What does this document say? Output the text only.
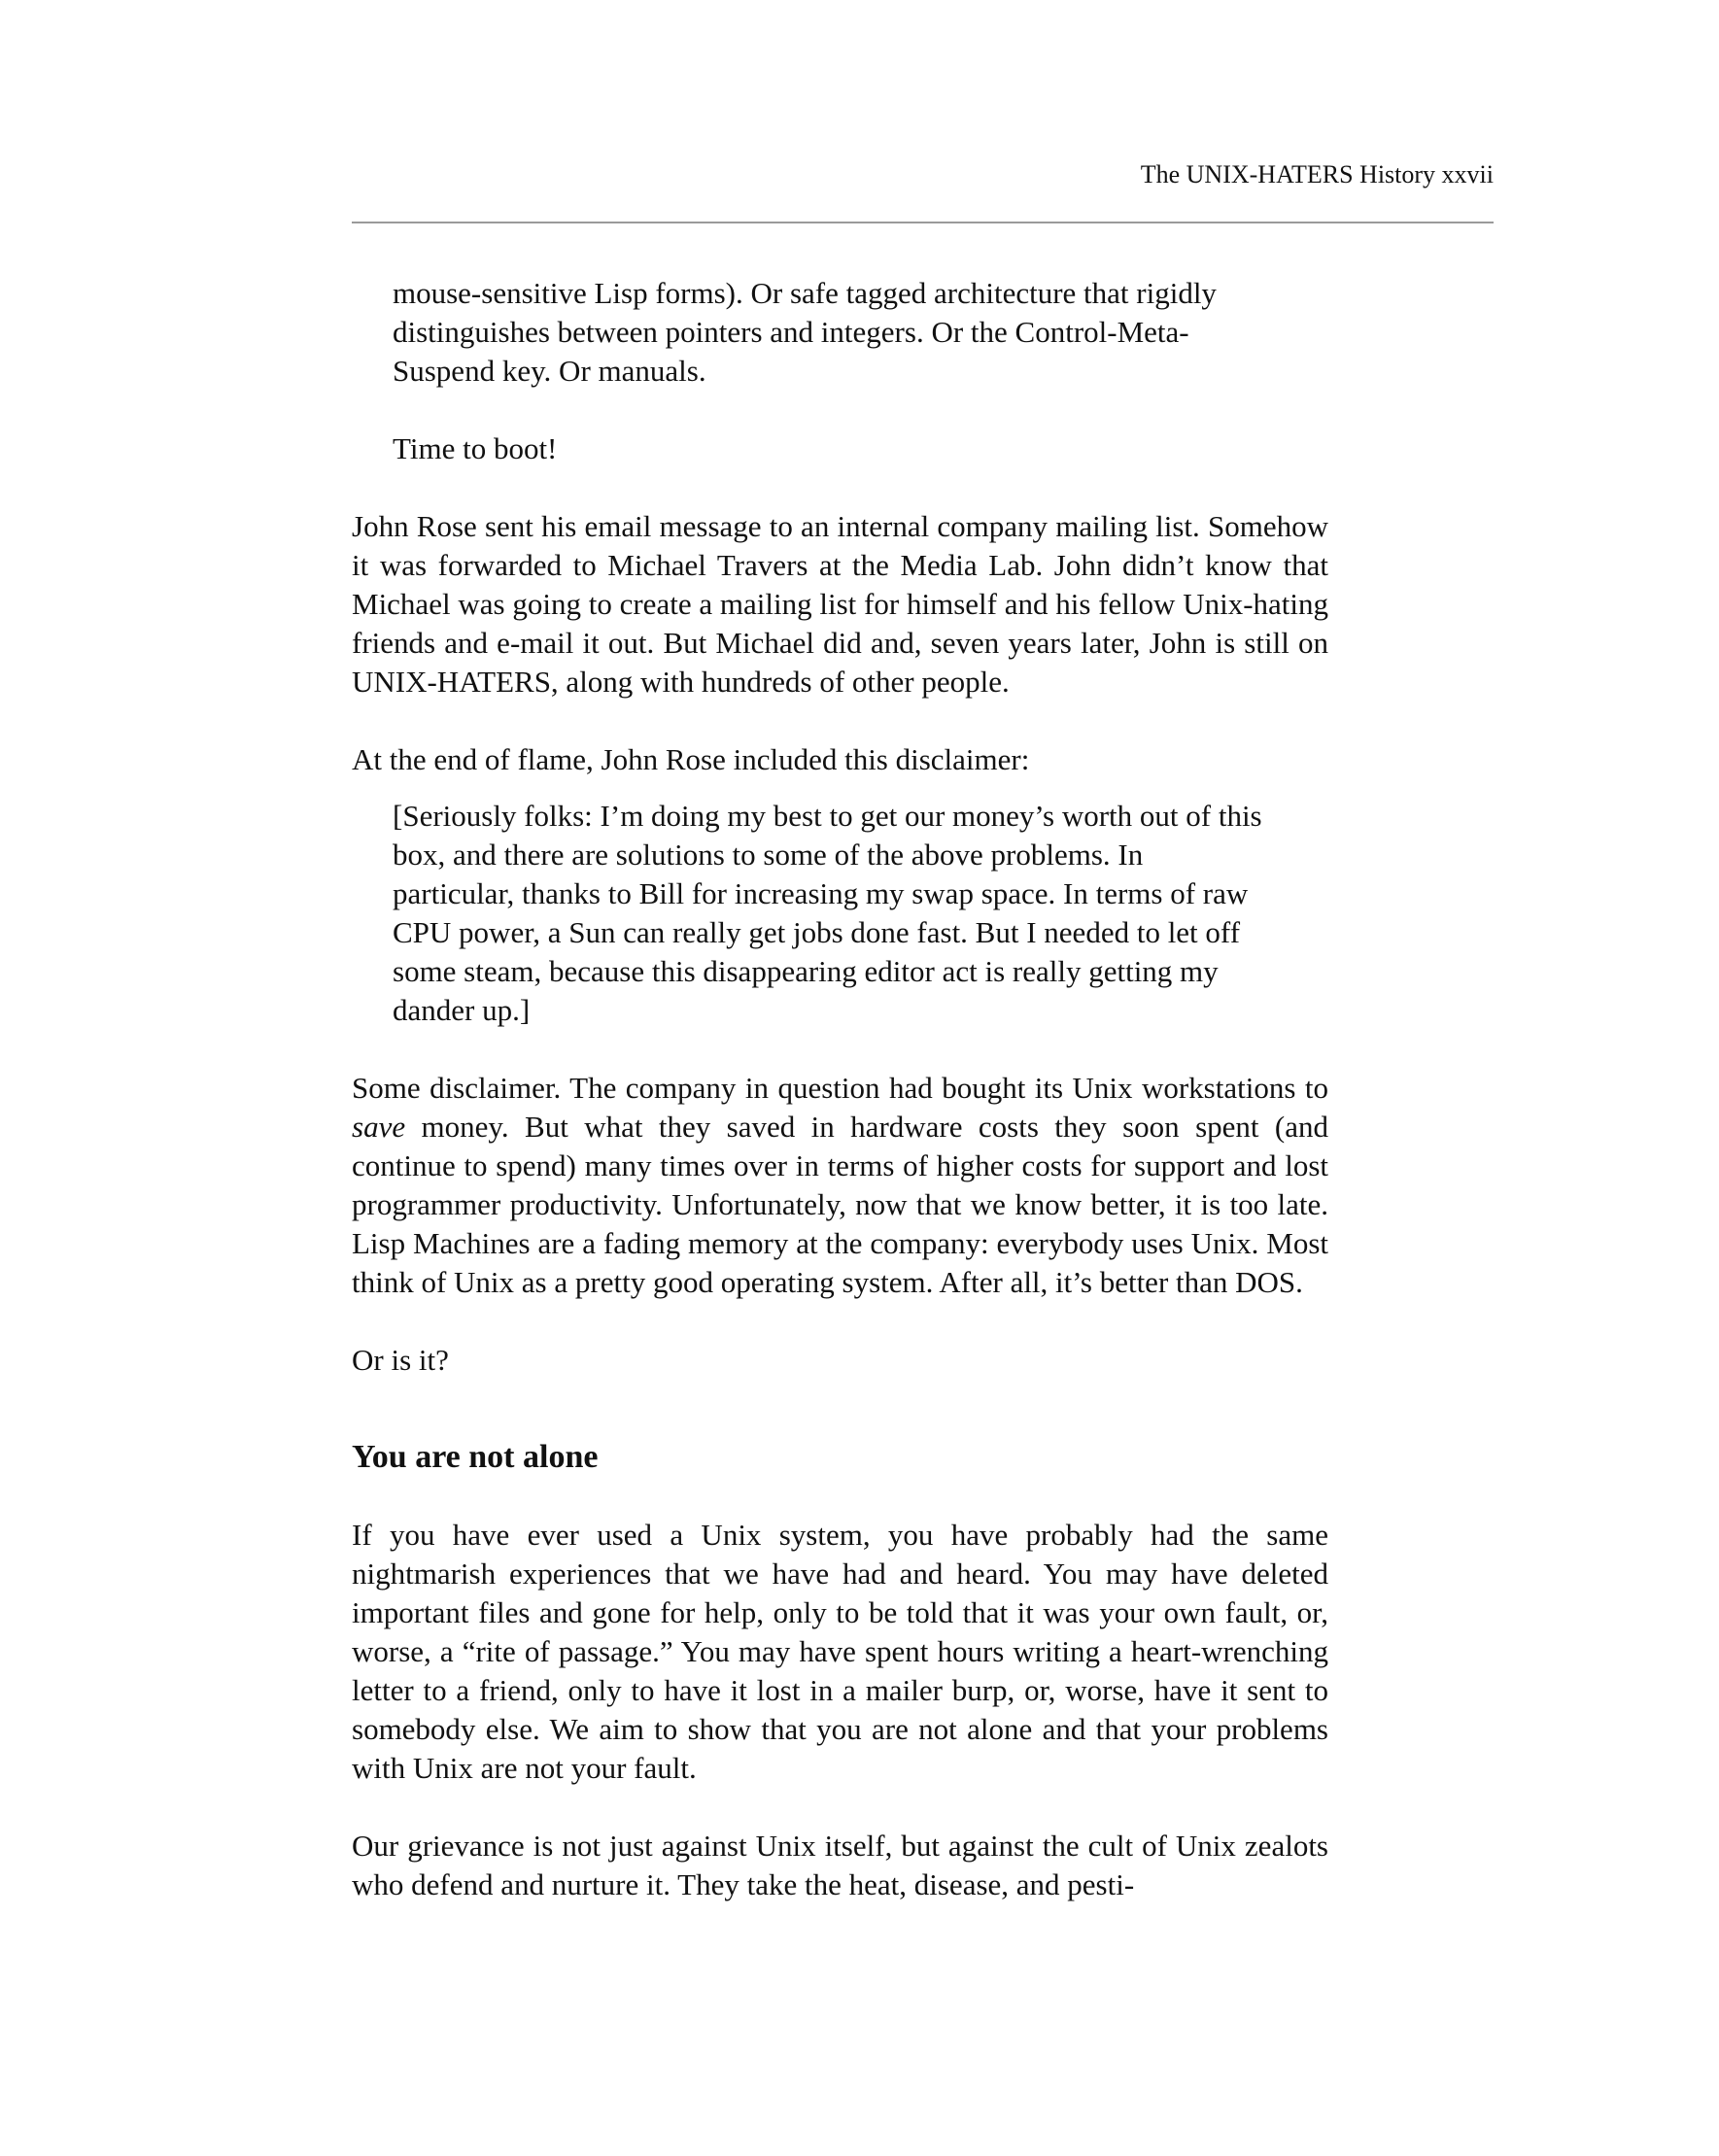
The UNIX-HATERS History xxvii

mouse-sensitive Lisp forms). Or safe tagged architecture that rigidly distinguishes between pointers and integers. Or the Control-Meta-Suspend key. Or manuals.

Time to boot!

John Rose sent his email message to an internal company mailing list. Somehow it was forwarded to Michael Travers at the Media Lab. John didn’t know that Michael was going to create a mailing list for himself and his fellow Unix-hating friends and e-mail it out. But Michael did and, seven years later, John is still on UNIX-HATERS, along with hundreds of other people.

At the end of flame, John Rose included this disclaimer:

[Seriously folks: I’m doing my best to get our money’s worth out of this box, and there are solutions to some of the above problems. In particular, thanks to Bill for increasing my swap space. In terms of raw CPU power, a Sun can really get jobs done fast. But I needed to let off some steam, because this disappearing editor act is really getting my dander up.]

Some disclaimer. The company in question had bought its Unix workstations to save money. But what they saved in hardware costs they soon spent (and continue to spend) many times over in terms of higher costs for support and lost programmer productivity. Unfortunately, now that we know better, it is too late. Lisp Machines are a fading memory at the company: everybody uses Unix. Most think of Unix as a pretty good operating system. After all, it’s better than DOS.

Or is it?

You are not alone

If you have ever used a Unix system, you have probably had the same nightmarish experiences that we have had and heard. You may have deleted important files and gone for help, only to be told that it was your own fault, or, worse, a “rite of passage.” You may have spent hours writing a heart-wrenching letter to a friend, only to have it lost in a mailer burp, or, worse, have it sent to somebody else. We aim to show that you are not alone and that your problems with Unix are not your fault.

Our grievance is not just against Unix itself, but against the cult of Unix zealots who defend and nurture it. They take the heat, disease, and pesti-
